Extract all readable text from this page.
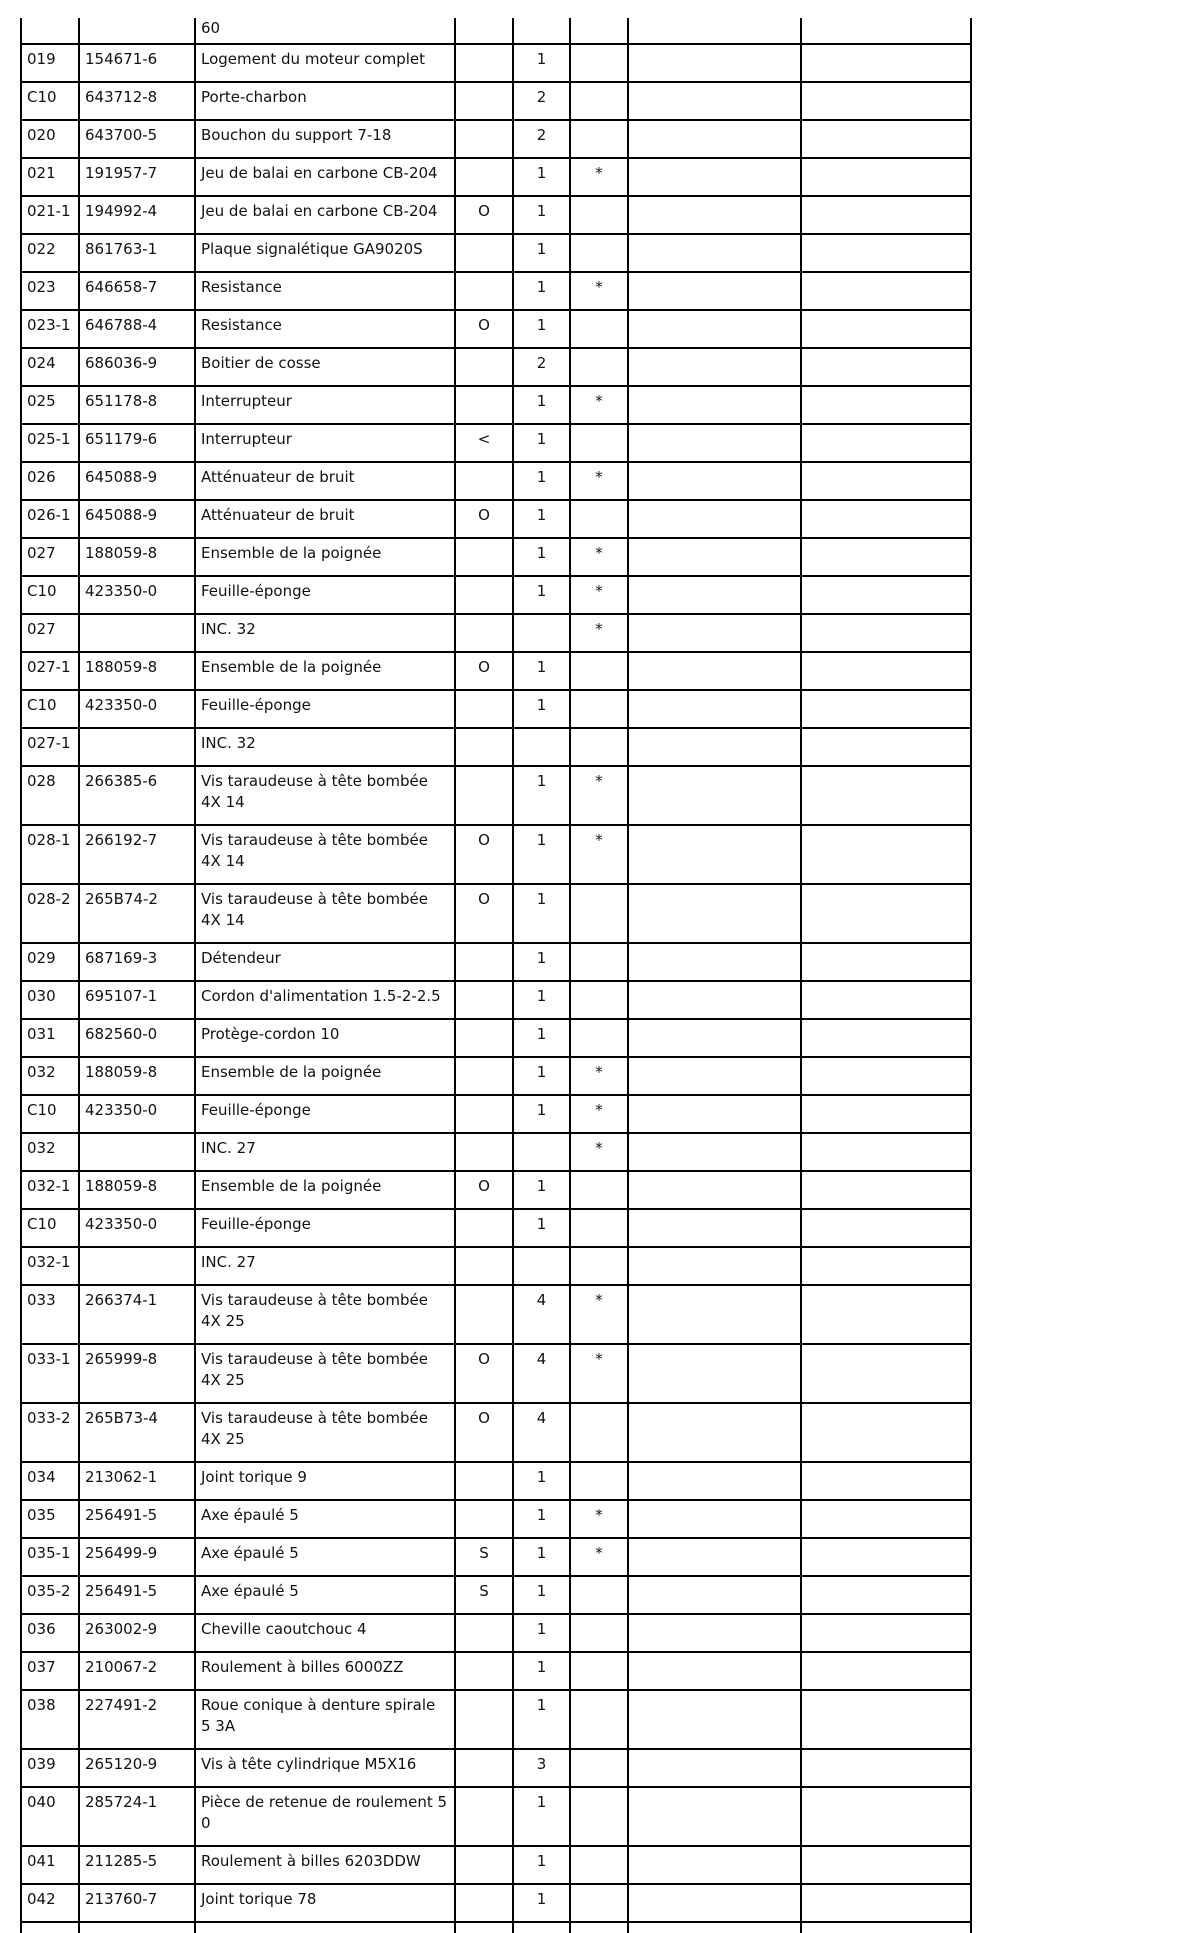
		60					
019	154671-6	Logement du moteur complet		1			
C10	643712-8	Porte-charbon		2			
020	643700-5	Bouchon du support 7-18		2			
021	191957-7	Jeu de balai en carbone CB-204		1	*		
021-1	194992-4	Jeu de balai en carbone CB-204	O	1			
022	861763-1	Plaque signalétique GA9020S		1			
023	646658-7	Resistance		1	*		
023-1	646788-4	Resistance	O	1			
024	686036-9	Boitier de cosse		2			
025	651178-8	Interrupteur		1	*		
025-1	651179-6	Interrupteur	<	1			
026	645088-9	Atténuateur de bruit		1	*		
026-1	645088-9	Atténuateur de bruit	O	1			
027	188059-8	Ensemble de la poignée		1	*		
C10	423350-0	Feuille-éponge		1	*		
027		INC. 32			*		
027-1	188059-8	Ensemble de la poignée	O	1			
C10	423350-0	Feuille-éponge		1			
027-1		INC. 32					
028	266385-6	Vis taraudeuse à tête bombée 4X 14		1	*		
028-1	266192-7	Vis taraudeuse à tête bombée 4X 14	O	1	*		
028-2	265B74-2	Vis taraudeuse à tête bombée 4X 14	O	1			
029	687169-3	Détendeur		1			
030	695107-1	Cordon d'alimentation 1.5-2-2.5		1			
031	682560-0	Protège-cordon 10		1			
032	188059-8	Ensemble de la poignée		1	*		
C10	423350-0	Feuille-éponge		1	*		
032		INC. 27			*		
032-1	188059-8	Ensemble de la poignée	O	1			
C10	423350-0	Feuille-éponge		1			
032-1		INC. 27					
033	266374-1	Vis taraudeuse à tête bombée 4X 25		4	*		
033-1	265999-8	Vis taraudeuse à tête bombée 4X 25	O	4	*		
033-2	265B73-4	Vis taraudeuse à tête bombée 4X 25	O	4			
034	213062-1	Joint torique 9		1			
035	256491-5	Axe épaulé 5		1	*		
035-1	256499-9	Axe épaulé 5	S	1	*		
035-2	256491-5	Axe épaulé 5	S	1			
036	263002-9	Cheville caoutchouc 4		1			
037	210067-2	Roulement à billes 6000ZZ		1			
038	227491-2	Roue conique à denture spirale 5 3A		1			
039	265120-9	Vis à tête cylindrique M5X16		3			
040	285724-1	Pièce de retenue de roulement 5 0		1			
041	211285-5	Roulement à billes 6203DDW		1			
042	213760-7	Joint torique 78		1			
